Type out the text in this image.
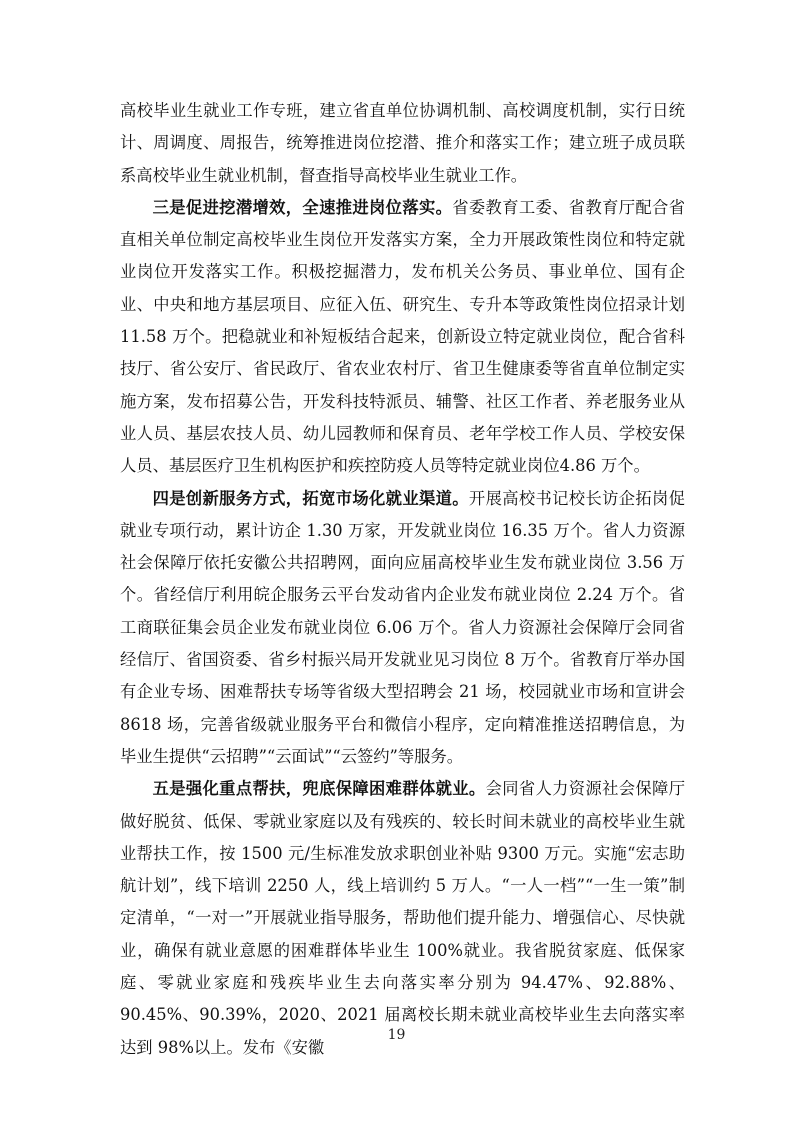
高校毕业生就业工作专班，建立省直单位协调机制、高校调度机制，实行日统计、周调度、周报告，统筹推进岗位挖潜、推介和落实工作；建立班子成员联系高校毕业生就业机制，督查指导高校毕业生就业工作。

三是促进挖潜增效，全速推进岗位落实。省委教育工委、省教育厅配合省直相关单位制定高校毕业生岗位开发落实方案，全力开展政策性岗位和特定就业岗位开发落实工作。积极挖掘潜力，发布机关公务员、事业单位、国有企业、中央和地方基层项目、应征入伍、研究生、专升本等政策性岗位招录计划11.58 万个。把稳就业和补短板结合起来，创新设立特定就业岗位，配合省科技厅、省公安厅、省民政厅、省农业农村厅、省卫生健康委等省直单位制定实施方案，发布招募公告，开发科技特派员、辅警、社区工作者、养老服务业从业人员、基层农技人员、幼儿园教师和保育员、老年学校工作人员、学校安保人员、基层医疗卫生机构医护和疾控防疫人员等特定就业岗位4.86 万个。

四是创新服务方式，拓宽市场化就业渠道。开展高校书记校长访企拓岗促就业专项行动，累计访企 1.30 万家，开发就业岗位 16.35 万个。省人力资源社会保障厅依托安徽公共招聘网，面向应届高校毕业生发布就业岗位 3.56 万个。省经信厅利用皖企服务云平台发动省内企业发布就业岗位 2.24 万个。省工商联征集会员企业发布就业岗位 6.06 万个。省人力资源社会保障厅会同省经信厅、省国资委、省乡村振兴局开发就业见习岗位 8 万个。省教育厅举办国有企业专场、困难帮扶专场等省级大型招聘会 21 场，校园就业市场和宣讲会 8618 场，完善省级就业服务平台和微信小程序，定向精准推送招聘信息，为毕业生提供“云招聘”“云面试”“云签约”等服务。

五是强化重点帮扶，兜底保障困难群体就业。会同省人力资源社会保障厅做好脱贫、低保、零就业家庭以及有残疾的、较长时间未就业的高校毕业生就业帮扶工作，按 1500 元/生标准发放求职创业补贴 9300 万元。实施“宏志助航计划”，线下培训 2250 人，线上培训约 5 万人。“一人一档”“一生一策”制定清单，“一对一”开展就业指导服务，帮助他们提升能力、增强信心、尽快就业，确保有就业意愿的困难群体毕业生 100%就业。我省脱贫家庭、低保家庭、零就业家庭和残疾毕业生去向落实率分别为 94.47%、92.88%、90.45%、90.39%，2020、2021 届离校长期未就业高校毕业生去向落实率达到 98%以上。发布《安徽

19
